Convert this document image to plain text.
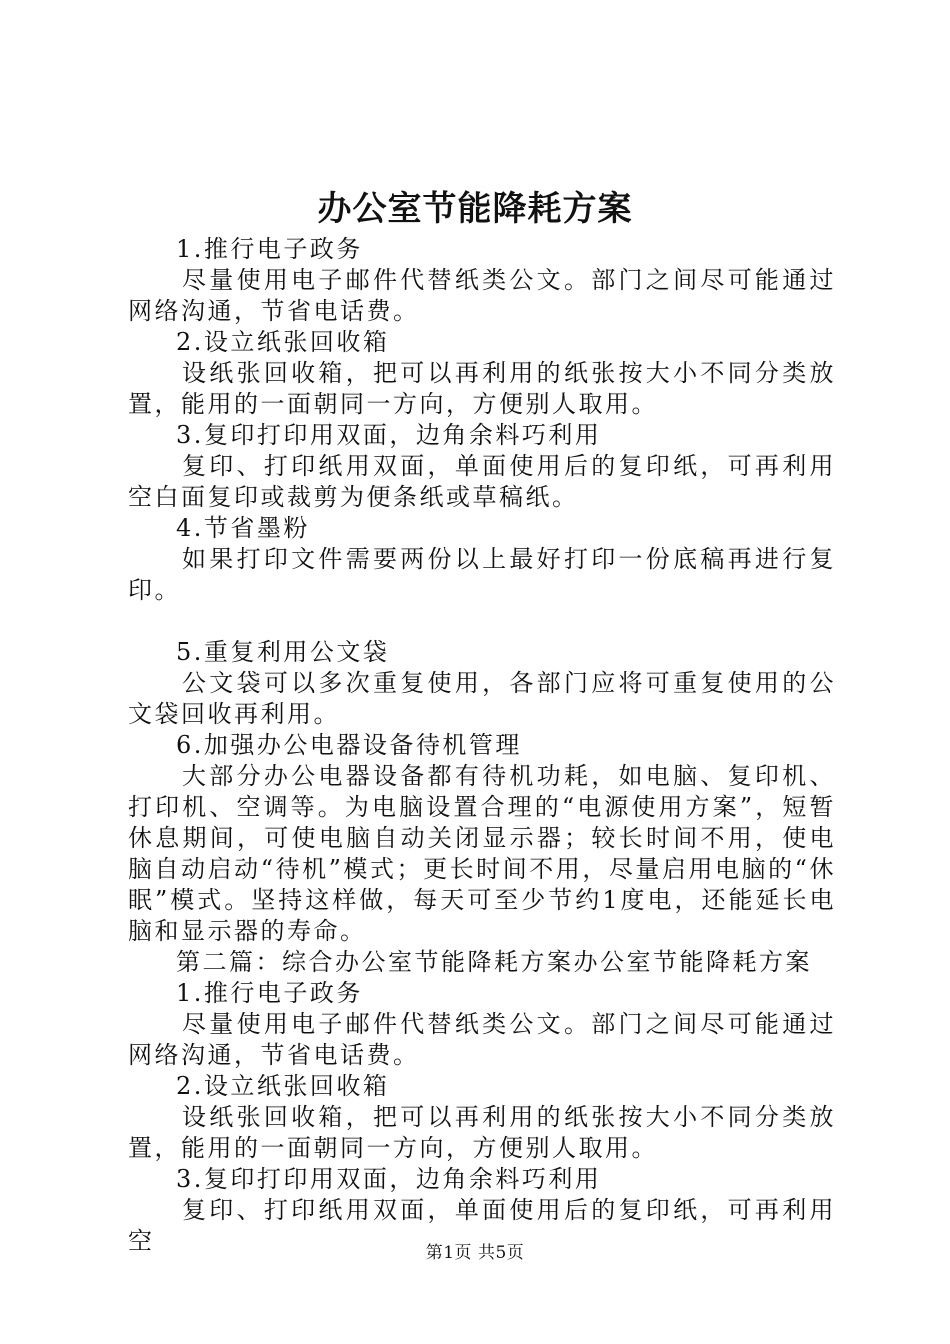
办公室节能降耗方案

1.推行电子政务

尽量使用电子邮件代替纸类公文。部门之间尽可能通过网络沟通，节省电话费。

2.设立纸张回收箱

设纸张回收箱，把可以再利用的纸张按大小不同分类放置，能用的一面朝同一方向，方便别人取用。

3.复印打印用双面，边角余料巧利用

复印、打印纸用双面，单面使用后的复印纸，可再利用空白面复印或裁剪为便条纸或草稿纸。

4.节省墨粉

如果打印文件需要两份以上最好打印一份底稿再进行复印。

5.重复利用公文袋

公文袋可以多次重复使用，各部门应将可重复使用的公文袋回收再利用。

6.加强办公电器设备待机管理

大部分办公电器设备都有待机功耗，如电脑、复印机、打印机、空调等。为电脑设置合理的“电源使用方案”，短暂休息期间，可使电脑自动关闭显示器；较长时间不用，使电脑自动启动“待机”模式；更长时间不用，尽量启用电脑的“休眠”模式。坚持这样做，每天可至少节约1度电，还能延长电脑和显示器的寿命。

第二篇：综合办公室节能降耗方案办公室节能降耗方案

1.推行电子政务

尽量使用电子邮件代替纸类公文。部门之间尽可能通过网络沟通，节省电话费。

2.设立纸张回收箱

设纸张回收箱，把可以再利用的纸张按大小不同分类放置，能用的一面朝同一方向，方便别人取用。

3.复印打印用双面，边角余料巧利用

复印、打印纸用双面，单面使用后的复印纸，可再利用空	第1页 共5页
